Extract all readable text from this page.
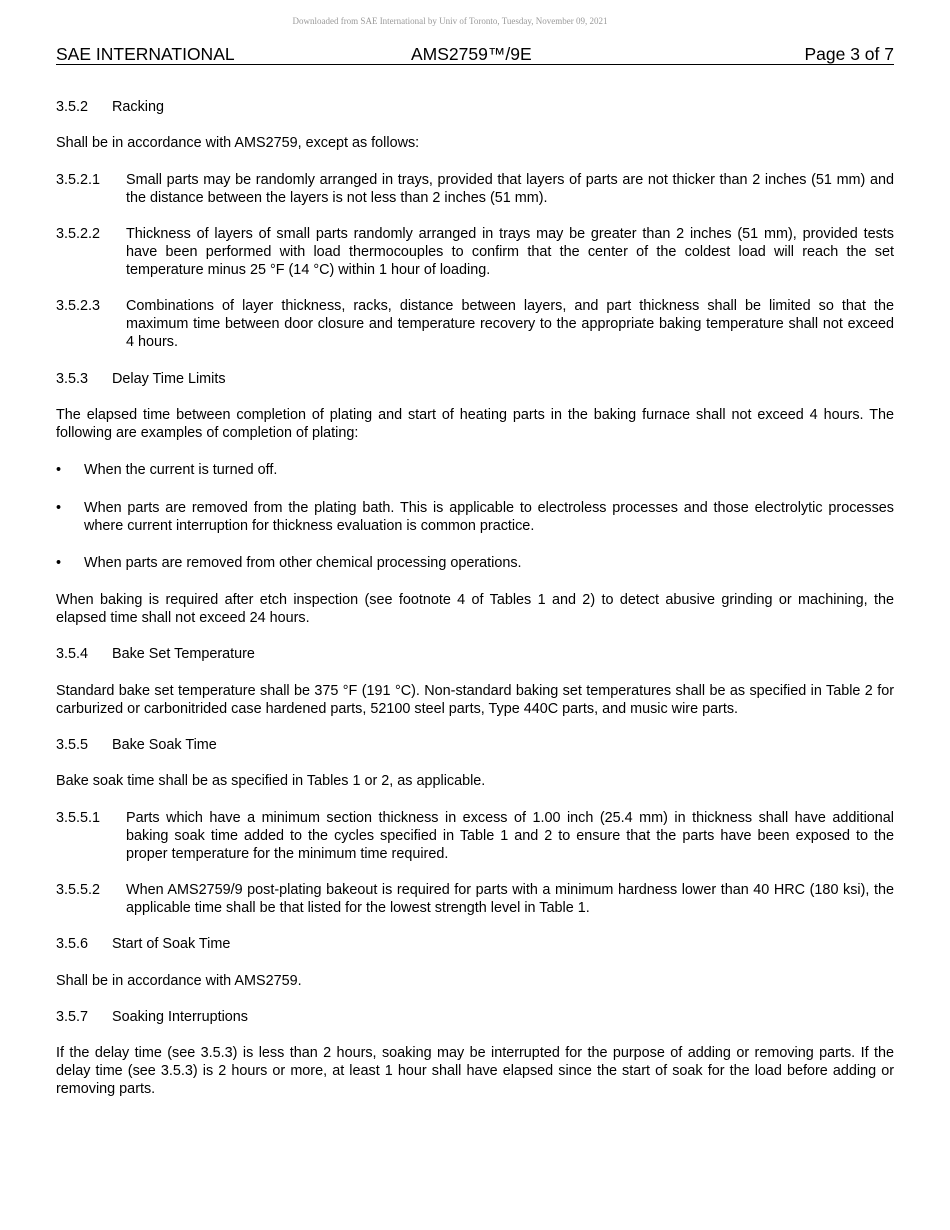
Downloaded from SAE International by Univ of Toronto, Tuesday, November 09, 2021
SAE INTERNATIONAL	AMS2759™/9E	Page 3 of 7
3.5.2	Racking
Shall be in accordance with AMS2759, except as follows:
3.5.2.1	Small parts may be randomly arranged in trays, provided that layers of parts are not thicker than 2 inches (51 mm) and the distance between the layers is not less than 2 inches (51 mm).
3.5.2.2	Thickness of layers of small parts randomly arranged in trays may be greater than 2 inches (51 mm), provided tests have been performed with load thermocouples to confirm that the center of the coldest load will reach the set temperature minus 25 °F (14 °C) within 1 hour of loading.
3.5.2.3	Combinations of layer thickness, racks, distance between layers, and part thickness shall be limited so that the maximum time between door closure and temperature recovery to the appropriate baking temperature shall not exceed 4 hours.
3.5.3	Delay Time Limits
The elapsed time between completion of plating and start of heating parts in the baking furnace shall not exceed 4 hours. The following are examples of completion of plating:
•	When the current is turned off.
•	When parts are removed from the plating bath. This is applicable to electroless processes and those electrolytic processes where current interruption for thickness evaluation is common practice.
•	When parts are removed from other chemical processing operations.
When baking is required after etch inspection (see footnote 4 of Tables 1 and 2) to detect abusive grinding or machining, the elapsed time shall not exceed 24 hours.
3.5.4	Bake Set Temperature
Standard bake set temperature shall be 375 °F (191 °C). Non-standard baking set temperatures shall be as specified in Table 2 for carburized or carbonitrided case hardened parts, 52100 steel parts, Type 440C parts, and music wire parts.
3.5.5	Bake Soak Time
Bake soak time shall be as specified in Tables 1 or 2, as applicable.
3.5.5.1	Parts which have a minimum section thickness in excess of 1.00 inch (25.4 mm) in thickness shall have additional baking soak time added to the cycles specified in Table 1 and 2 to ensure that the parts have been exposed to the proper temperature for the minimum time required.
3.5.5.2	When AMS2759/9 post-plating bakeout is required for parts with a minimum hardness lower than 40 HRC (180 ksi), the applicable time shall be that listed for the lowest strength level in Table 1.
3.5.6	Start of Soak Time
Shall be in accordance with AMS2759.
3.5.7	Soaking Interruptions
If the delay time (see 3.5.3) is less than 2 hours, soaking may be interrupted for the purpose of adding or removing parts. If the delay time (see 3.5.3) is 2 hours or more, at least 1 hour shall have elapsed since the start of soak for the load before adding or removing parts.
